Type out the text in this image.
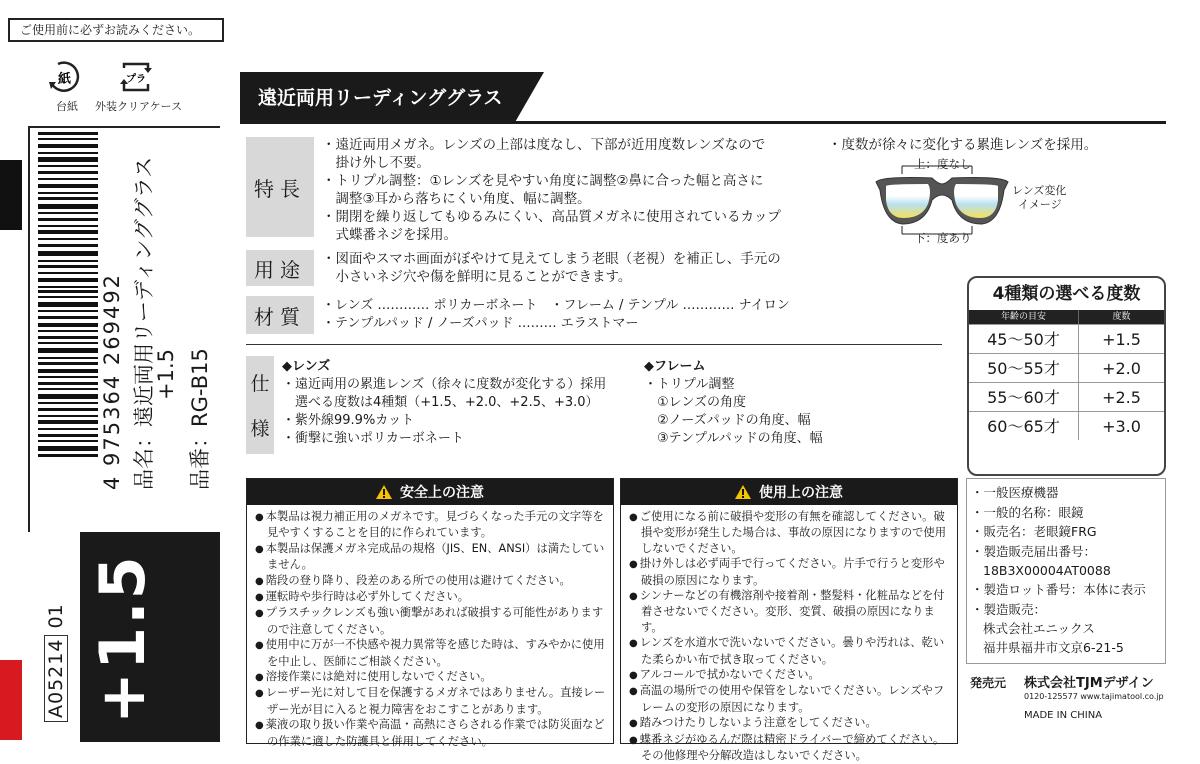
ご使用前に必ずお読みください。
紙	プラ
台紙 外装クリアケース
4 975364 269492 品名：遠近両用リーディンググラス
+1.5 品番：RG-B15
+1.5
A05214
01
遠近両用リーディンググラス
特長
・遠近両用メガネ。レンズの上部は度なし、下部が近用度数レンズなので
　掛け外し不要。
・トリプル調整：①レンズを見やすい角度に調整②鼻に合った幅と高さに
　調整③耳から落ちにくい角度、幅に調整。
・開閉を繰り返してもゆるみにくい、高品質メガネに使用されているカップ
　式蝶番ネジを採用。
・度数が徐々に変化する累進レンズを採用。
上：度なし
下：度あり
レンズ変化
イメージ
用途	・図面やスマホ画面がぼやけて見えてしまう老眼（老視）を補正し、手元の
　小さいネジ穴や傷を鮮明に見ることができます。
材質	・レンズ ………… ポリカーボネート　・フレーム / テンプル ………… ナイロン
・テンプルパッド / ノーズパッド ……… エラストマー
仕
様
◆レンズ
・遠近両用の累進レンズ（徐々に度数が変化する）採用
　選べる度数は4種類（+1.5、+2.0、+2.5、+3.0）
・紫外線99.9%カット
・衝撃に強いポリカーボネート
◆フレーム
・トリプル調整
　①レンズの角度
　②ノーズパッドの角度、幅
　③テンプルパッドの角度、幅
4種類の選べる度数
年齢の目安	度数
45〜50才	+1.5
50〜55才	+2.0
55〜60才	+2.5
60〜65才	+3.0
安全上の注意
● 本製品は視力補正用のメガネです。見づらくなった手元の文字等を見やすくすることを目的に作られています。
● 本製品は保護メガネ完成品の規格（JIS、EN、ANSI）は満たしていません。
● 階段の登り降り、段差のある所での使用は避けてください。
● 運転時や歩行時は必ず外してください。
● プラスチックレンズも強い衝撃があれば破損する可能性がありますので注意してください。
● 使用中に万が一不快感や視力異常等を感じた時は、すみやかに使用を中止し、医師にご相談ください。
● 溶接作業には絶対に使用しないでください。
● レーザー光に対して目を保護するメガネではありません。直接レーザー光が目に入ると視力障害をおこすことがあります。
● 薬液の取り扱い作業や高温・高熱にさらされる作業では防災面などの作業に適した防護具と併用してください。
使用上の注意
● ご使用になる前に破損や変形の有無を確認してください。破損や変形が発生した場合は、事故の原因になりますので使用しないでください。
● 掛け外しは必ず両手で行ってください。片手で行うと変形や破損の原因になります。
● シンナーなどの有機溶剤や接着剤・整髪料・化粧品などを付着させないでください。変形、変質、破損の原因になります。
● レンズを水道水で洗いないでください。曇りや汚れは、乾いた柔らかい布で拭き取ってください。
● アルコールで拭かないでください。
● 高温の場所での使用や保管をしないでください。レンズやフレームの変形の原因になります。
● 踏みつけたりしないよう注意をしてください。
● 蝶番ネジがゆるんだ際は精密ドライバーで締めてください。その他修理や分解改造はしないでください。
・ 一般医療機器
・ 一般的名称：眼鏡
・ 販売名：老眼鏡FRG
・ 製造販売届出番号：
18B3X00004AT0088
・ 製造ロット番号：本体に表示
・ 製造販売：
株式会社エニックス
福井県福井市文京6-21-5
発売元 株式会社TJMデザイン
0120-125577 www.tajimatool.co.jp
MADE IN CHINA
